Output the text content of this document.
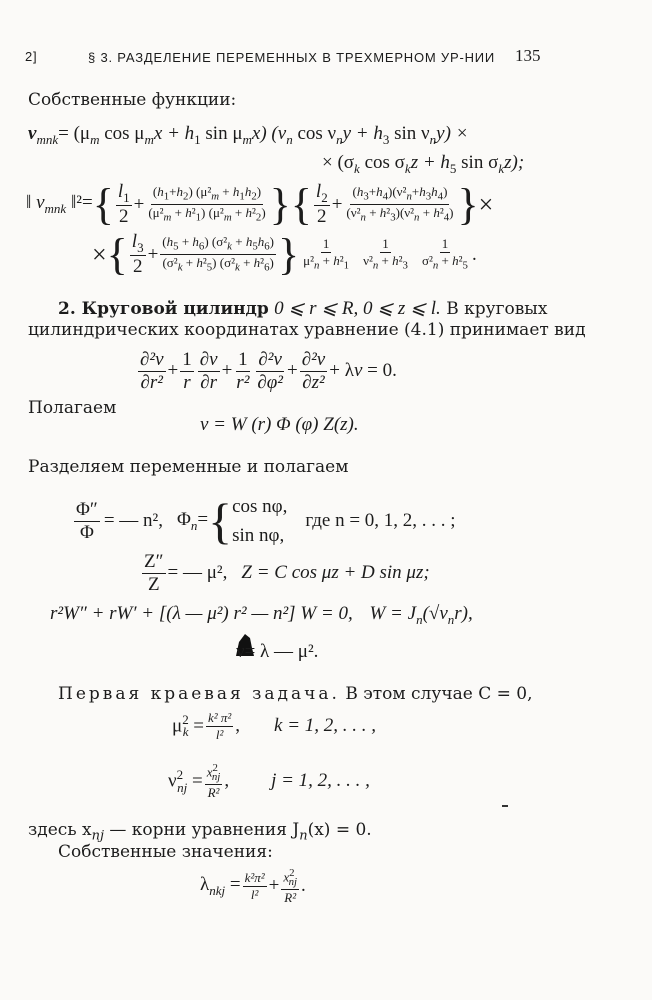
2]	§ 3. РАЗДЕЛЕНИЕ ПЕРЕМЕННЫХ В ТРЕХМЕРНОМ УР-НИИ 135
Собственные функции:
$v_{mnk}= (\mu_m$ $\cos \mu_mx + h_1$ $\sin \mu_mx$) ($\nu_n$ $\cos \nu_ny + h_3$ $\sin \nu_ny$) ×
× ($\sigma_k$ $\cos \sigma_kz + h_5$ $\sin \sigma_kz$);
‖ $v_{mnk}$ ‖²= { $\frac{l_1}{2} + \frac{(h_1+h_2) (\mu^2_m + h_1h_2)}{(\mu^2_m + h^2_1) (\mu^2_m + h^2_2)}$ }{ $\frac{l_2}{2} + \frac{(h_3+h_4)(\nu^2_n+h_3h_4)}{(\nu^2_n + h^2_3)(\nu^2_n + h^2_4)}$ } ×
× { $\frac{l_3}{2} + \frac{(h_5 + h_6) (\sigma^2_k + h_5h_6)}{(\sigma^2_k + h^2_5) (\sigma^2_k + h^2_6)}$ } $\frac{1}{\mu^2_n + h^2_1} \frac{1}{\nu^2_n + h^2_3} \frac{1}{\sigma^2_n + h^2_5}$ .
2. Круговой цилиндр 0 ⩽ r ⩽ R, 0 ⩽ z ⩽ l. В круговых
цилиндрических координатах уравнение (4.1) принимает вид
$\frac{\text{∂²v}}{\text{∂r²}} + \frac{1}{r} \frac{\partial v}{\partial r} + \frac{1}{\text{r²}} \frac{\text{∂²v}}{\text{∂φ²}} + \frac{\text{∂²v}}{\text{∂z²}} + \lambda v = 0$.
Полагаем
v = W (r) Φ (φ) Z(z).
Разделяем переменные и полагаем
$\frac{\Phi''}{\Phi}$ = — n², $\Phi_n=$ { cos nφ,
sin nφ,
где n = 0, 1, 2, . . . ;
$\frac{Z''}{Z}$ = — μ², Z = C cos μz + D sin μz;
r²W″ + rW′ + [(λ — μ²) r² — n²] W = 0, $W = J_n(√\nu_nr)$,
ν= λ — μ².
Первая краевая задача. В этом случае C = 0,
$\mu^2_k = \frac{\text{k² π²}}{\text{l²}}$ , k = 1, 2, . . . ,
$\nu^2_{nj} = \frac{x^2_{nj}}{\text{R²}}$ , j = 1, 2, . . . ,
здесь $x_{nj}$ — корни уравнения $J_n(x) = 0$.
Собственные значения:
$\lambda_{nkj} = \frac{\text{k²π²}}{\text{l²}} + \frac{x^2_{nj}}{\text{R²}}$ .
